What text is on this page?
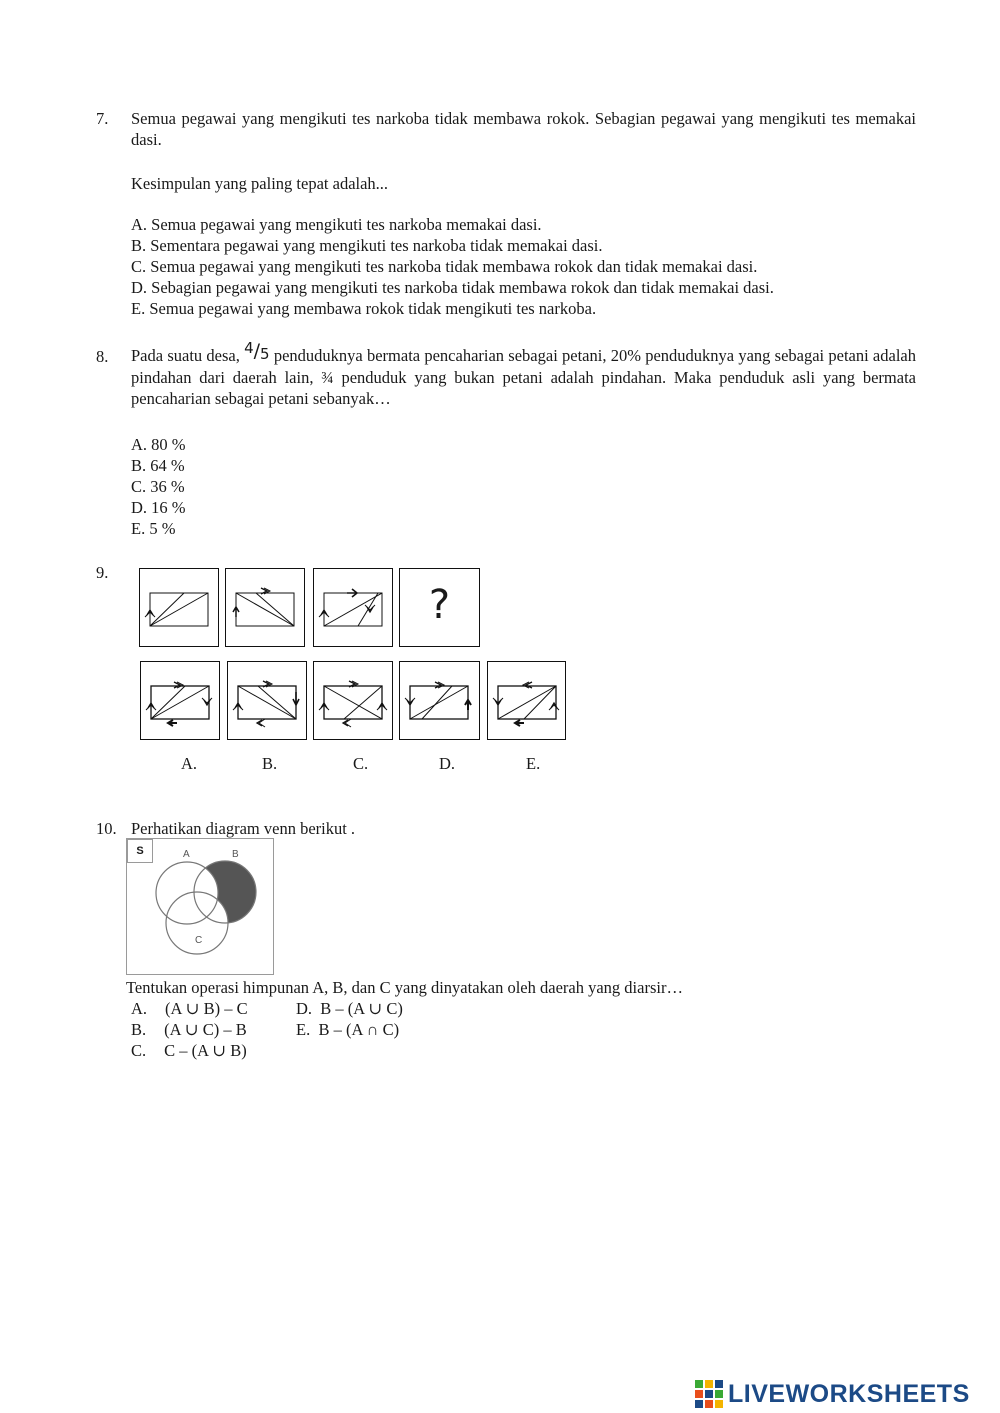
7. Semua pegawai yang mengikuti tes narkoba tidak membawa rokok. Sebagian pegawai yang mengikuti tes memakai dasi.
Kesimpulan yang paling tepat adalah...
A. Semua pegawai yang mengikuti tes narkoba memakai dasi.
B. Sementara pegawai yang mengikuti tes narkoba tidak memakai dasi.
C. Semua pegawai yang mengikuti tes narkoba tidak membawa rokok dan tidak memakai dasi.
D. Sebagian pegawai yang mengikuti tes narkoba tidak membawa rokok dan tidak memakai dasi.
E. Semua pegawai yang membawa rokok tidak mengikuti tes narkoba.
8. Pada suatu desa, $^4/_5$ penduduknya bermata pencaharian sebagai petani, 20% penduduknya yang sebagai petani adalah pindahan dari daerah lain, ¾ penduduk yang bukan petani adalah pindahan. Maka penduduk asli yang bermata pencaharian sebagai petani sebanyak…
A. 80 %
B. 64 %
C. 36 %
D. 16 %
E. 5 %
9.
?
A.	B.	C.	D.	E.
10. Perhatikan diagram venn berikut .
S	A	B
C
Tentukan operasi himpunan A, B, dan C yang dinyatakan oleh daerah yang diarsir…
A. (A ∪ B) – C	D. B – (A ∪ C)
B. (A ∪ C) – B	E. B – (A ∩ C)
C. C – (A ∪ B)
LIVEWORKSHEETS
